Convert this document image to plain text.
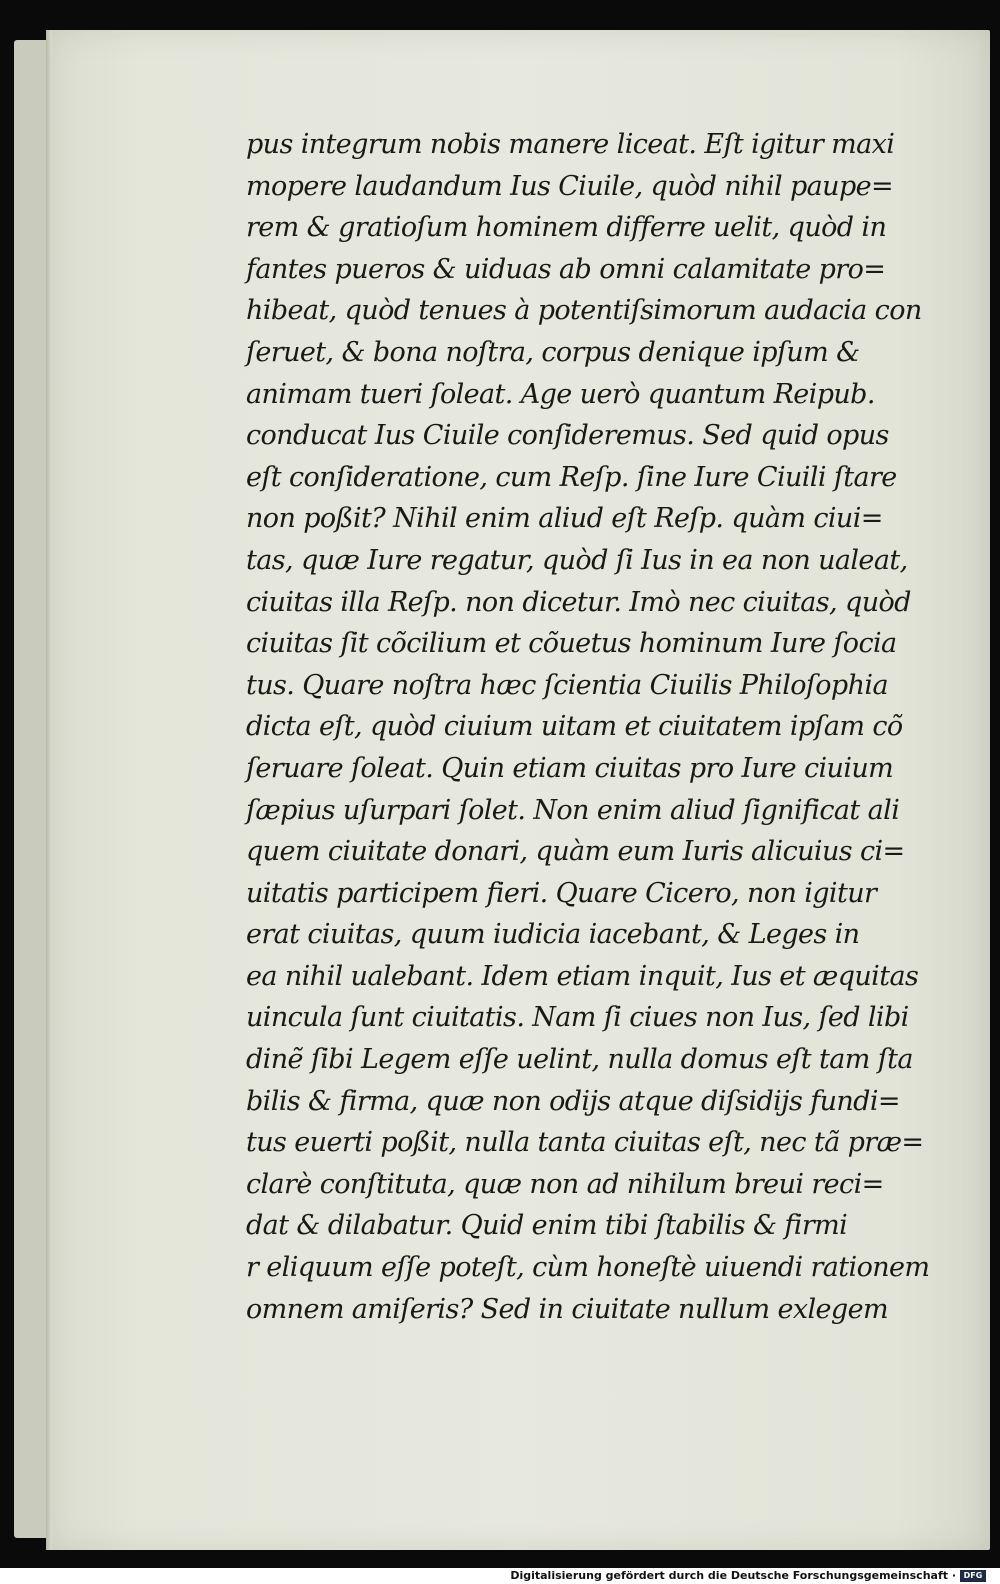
pus integrum nobis manere liceat. Eſt igitur maxi
mopere laudandum Ius Ciuile, quòd nihil paupe=
rem & gratioſum hominem differre uelit, quòd in
fantes pueros & uiduas ab omni calamitate pro=
hibeat, quòd tenues à potentiſsimorum audacia con
ſeruet, & bona noſtra, corpus denique ipſum &
animam tueri ſoleat. Age uerò quantum Reipub.
conducat Ius Ciuile conſideremus. Sed quid opus
eſt conſideratione, cum Reſp. ſine Iure Ciuili ſtare
non poßit? Nihil enim aliud eſt Reſp. quàm ciui=
tas, quæ Iure regatur, quòd ſi Ius in ea non ualeat,
ciuitas illa Reſp. non dicetur. Imò nec ciuitas, quòd
ciuitas ſit cõcilium et cõuetus hominum Iure ſocia
tus. Quare noſtra hæc ſcientia Ciuilis Philoſophia
dicta eſt, quòd ciuium uitam et ciuitatem ipſam cõ
ſeruare ſoleat. Quin etiam ciuitas pro Iure ciuium
ſæpius uſurpari ſolet. Non enim aliud ſignificat ali
quem ciuitate donari, quàm eum Iuris alicuius ci=
uitatis participem fieri. Quare Cicero, non igitur
erat ciuitas, quum iudicia iacebant, & Leges in
ea nihil ualebant. Idem etiam inquit, Ius et æquitas
uincula ſunt ciuitatis. Nam ſi ciues non Ius, ſed libi
dinẽ ſibi Legem eſſe uelint, nulla domus eſt tam ſta
bilis & firma, quæ non odijs atque diſsidijs fundi=
tus euerti poßit, nulla tanta ciuitas eſt, nec tã præ=
clarè conſtituta, quæ non ad nihilum breui reci=
dat & dilabatur. Quid enim tibi ſtabilis & firmi
r eliquum eſſe poteſt, cùm honeſtè uiuendi rationem
omnem amiſeris? Sed in ciuitate nullum exlegem
Digitalisierung gefördert durch die Deutsche Forschungsgemeinschaft · DFG
